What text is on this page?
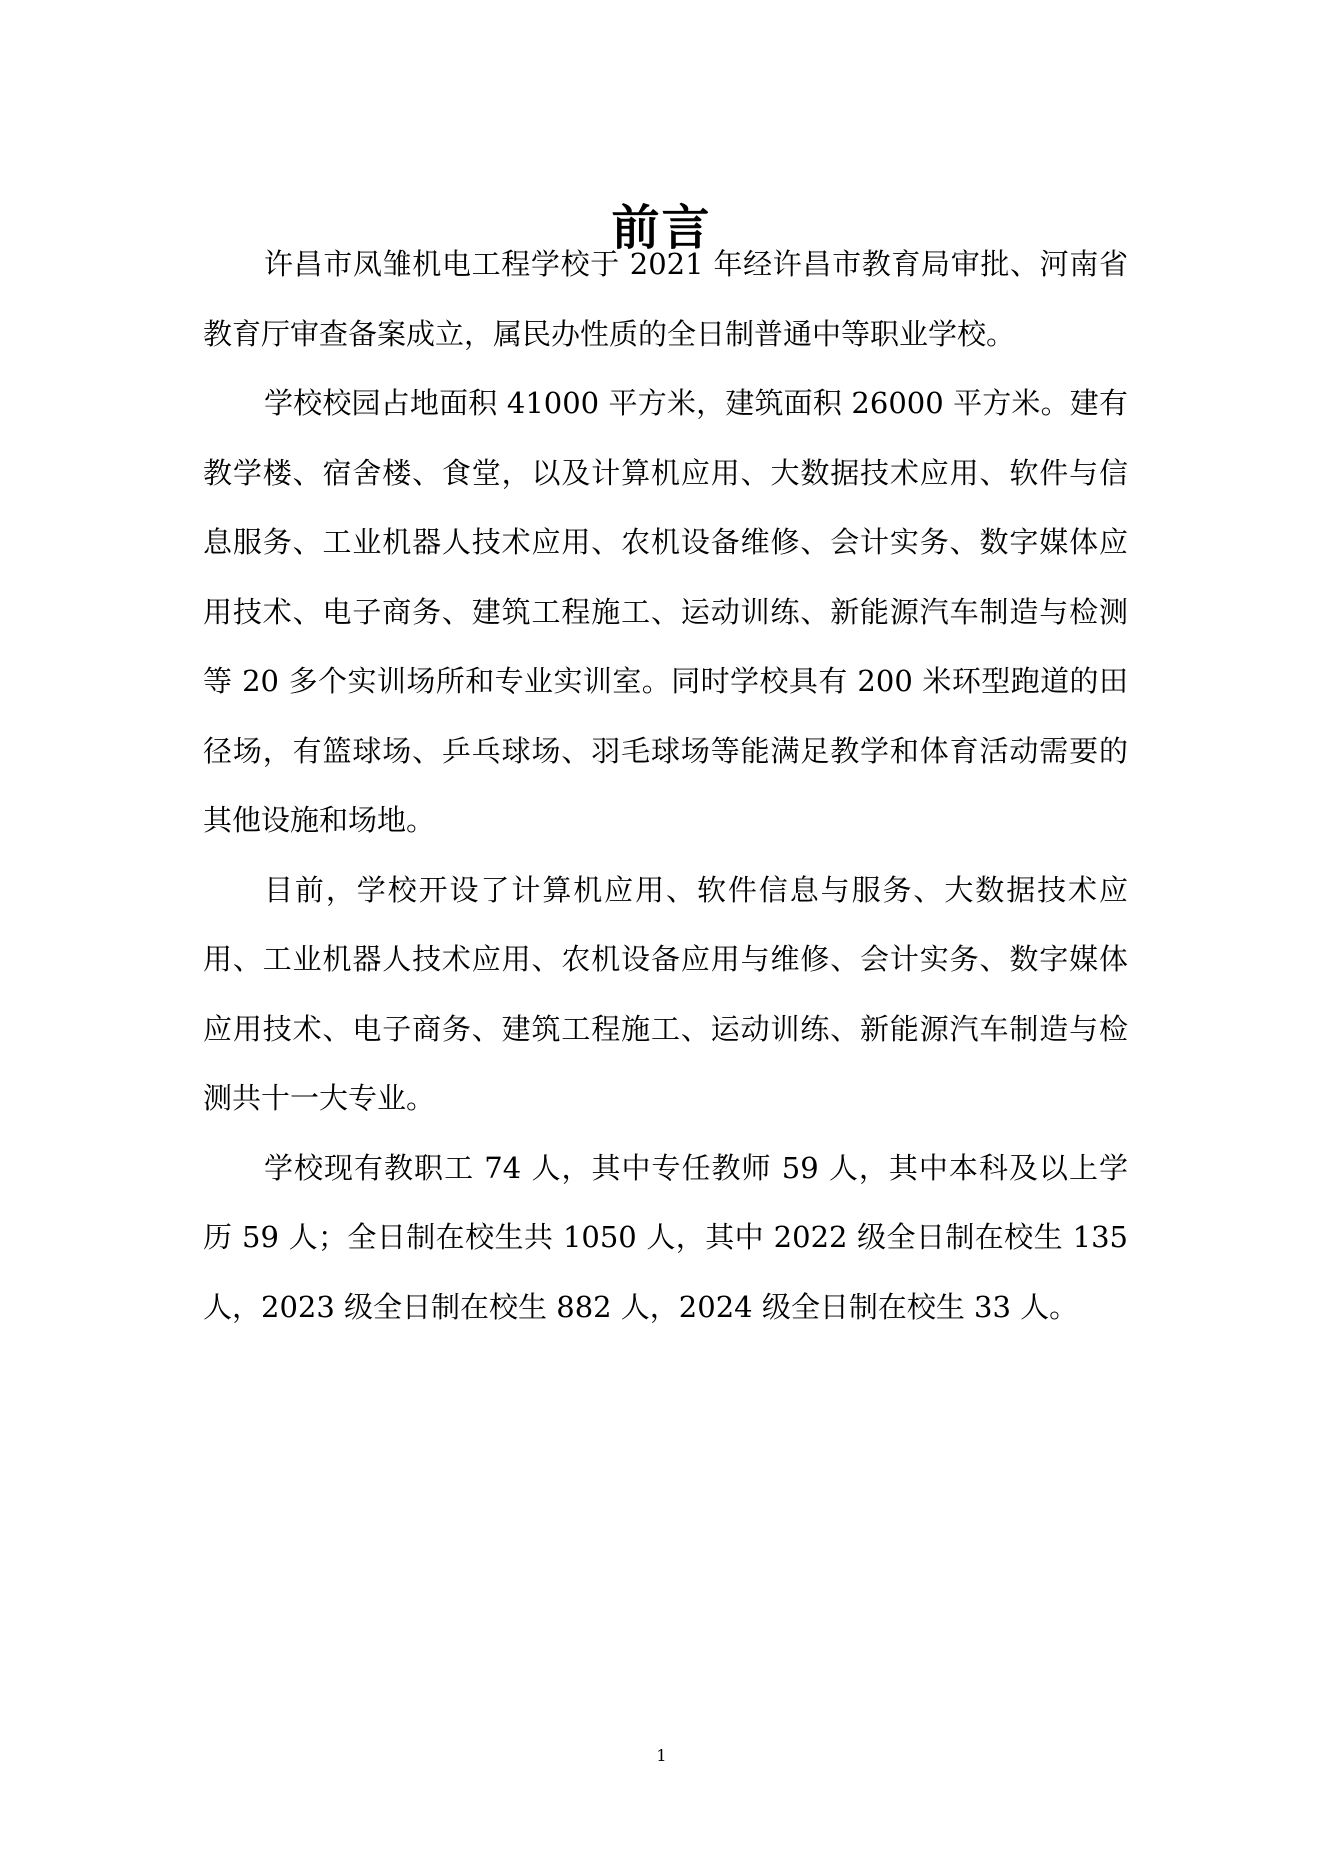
前言

许昌市凤雏机电工程学校于 2021 年经许昌市教育局审批、河南省教育厅审查备案成立，属民办性质的全日制普通中等职业学校。

学校校园占地面积 41000 平方米，建筑面积 26000 平方米。建有教学楼、宿舍楼、食堂，以及计算机应用、大数据技术应用、软件与信息服务、工业机器人技术应用、农机设备维修、会计实务、数字媒体应用技术、电子商务、建筑工程施工、运动训练、新能源汽车制造与检测等 20 多个实训场所和专业实训室。同时学校具有 200 米环型跑道的田径场，有篮球场、乒乓球场、羽毛球场等能满足教学和体育活动需要的其他设施和场地。

目前，学校开设了计算机应用、软件信息与服务、大数据技术应用、工业机器人技术应用、农机设备应用与维修、会计实务、数字媒体应用技术、电子商务、建筑工程施工、运动训练、新能源汽车制造与检测共十一大专业。

学校现有教职工 74 人，其中专任教师 59 人，其中本科及以上学历 59 人；全日制在校生共 1050 人，其中 2022 级全日制在校生 135 人，2023 级全日制在校生 882 人，2024 级全日制在校生 33 人。

1
